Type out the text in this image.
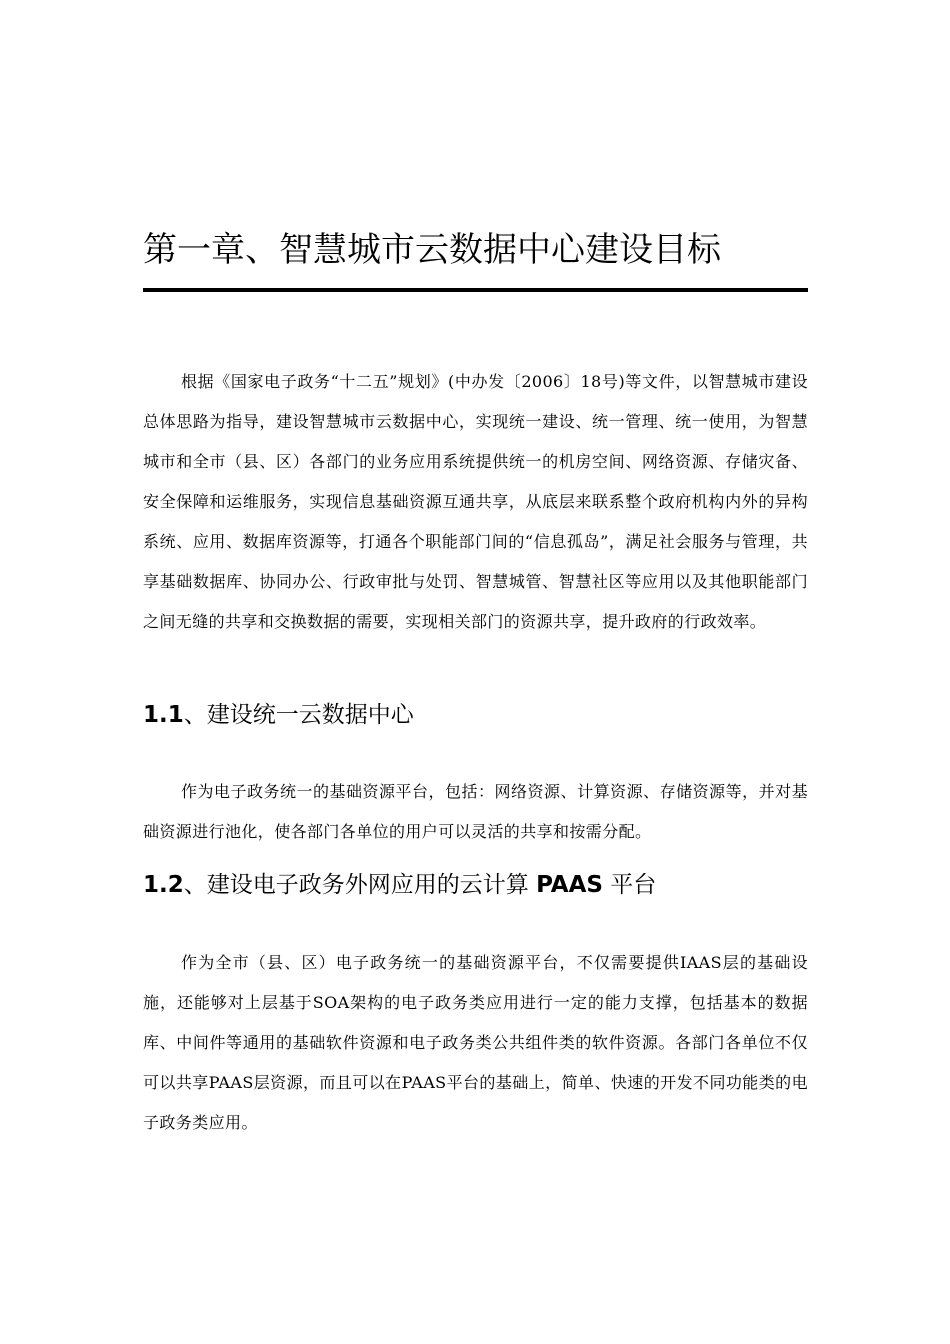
第一章、智慧城市云数据中心建设目标

根据《国家电子政务“十二五”规划》(中办发〔2006〕18号)等文件，以智慧城市建设总体思路为指导，建设智慧城市云数据中心，实现统一建设、统一管理、统一使用，为智慧城市和全市（县、区）各部门的业务应用系统提供统一的机房空间、网络资源、存储灾备、安全保障和运维服务，实现信息基础资源互通共享，从底层来联系整个政府机构内外的异构系统、应用、数据库资源等，打通各个职能部门间的“信息孤岛”，满足社会服务与管理，共享基础数据库、协同办公、行政审批与处罚、智慧城管、智慧社区等应用以及其他职能部门之间无缝的共享和交换数据的需要，实现相关部门的资源共享，提升政府的行政效率。

1.1、建设统一云数据中心

作为电子政务统一的基础资源平台，包括：网络资源、计算资源、存储资源等，并对基础资源进行池化，使各部门各单位的用户可以灵活的共享和按需分配。

1.2、建设电子政务外网应用的云计算 PAAS 平台

作为全市（县、区）电子政务统一的基础资源平台，不仅需要提供IAAS层的基础设施，还能够对上层基于SOA架构的电子政务类应用进行一定的能力支撑，包括基本的数据库、中间件等通用的基础软件资源和电子政务类公共组件类的软件资源。各部门各单位不仅可以共享PAAS层资源，而且可以在PAAS平台的基础上，简单、快速的开发不同功能类的电子政务类应用。
